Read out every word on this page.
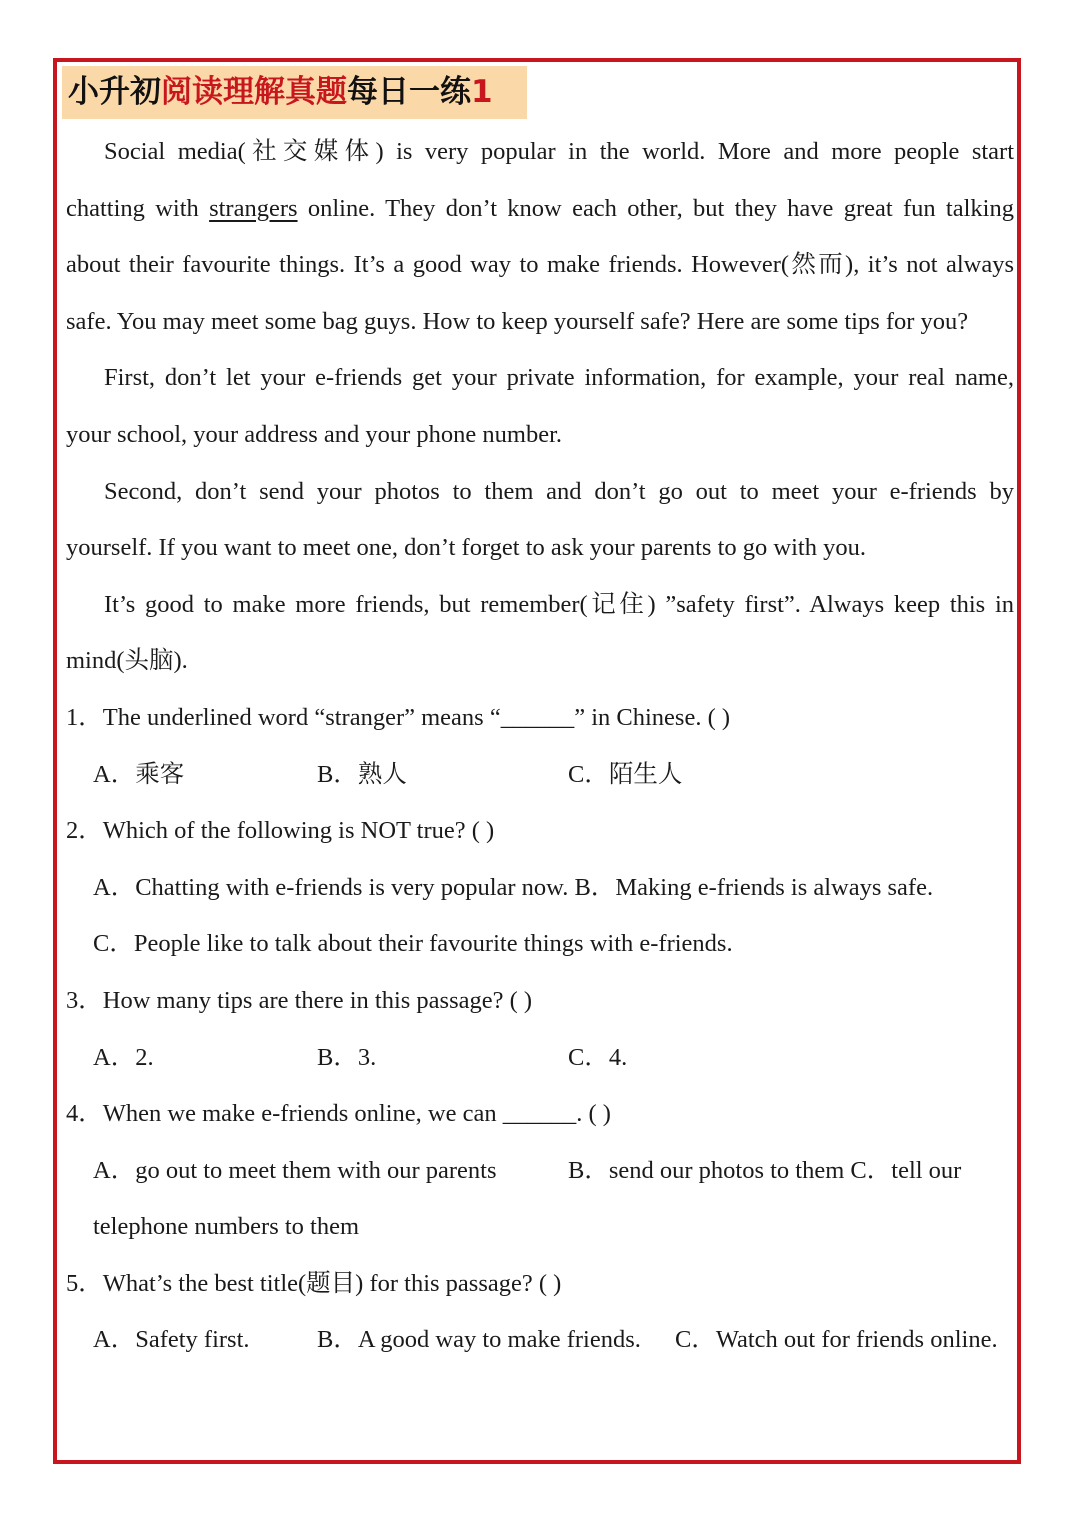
小升初阅读理解真题每日一练1
Social media(社交媒体) is very popular in the world. More and more people start
chatting with strangers online. They don’t know each other, but they have great fun talking
about their favourite things. It’s a good way to make friends. However(然而), it’s not always
safe. You may meet some bag guys. How to keep yourself safe? Here are some tips for you?
First, don’t let your e-friends get your private information, for example, your real name,
your school, your address and your phone number.
Second, don’t send your photos to them and don’t go out to meet your e-friends by
yourself. If you want to meet one, don’t forget to ask your parents to go with you.
It’s good to make more friends, but remember(记住) ”safety first”. Always keep this in
mind(头脑).
1．The underlined word “stranger” means “______” in Chinese. ( )
A．乘客	B．熟人	C．陌生人
2．Which of the following is NOT true? ( )
A．Chatting with e-friends is very popular now. B．Making e-friends is always safe.
C．People like to talk about their favourite things with e-friends.
3．How many tips are there in this passage? ( )
A．2.	B．3.	C．4.
4．When we make e-friends online, we can ______. ( )
A．go out to meet them with our parents	B．send our photos to them C．tell our
telephone numbers to them
5．What’s the best title(题目) for this passage? ( )
A．Safety first.	B．A good way to make friends. C．Watch out for friends online.
